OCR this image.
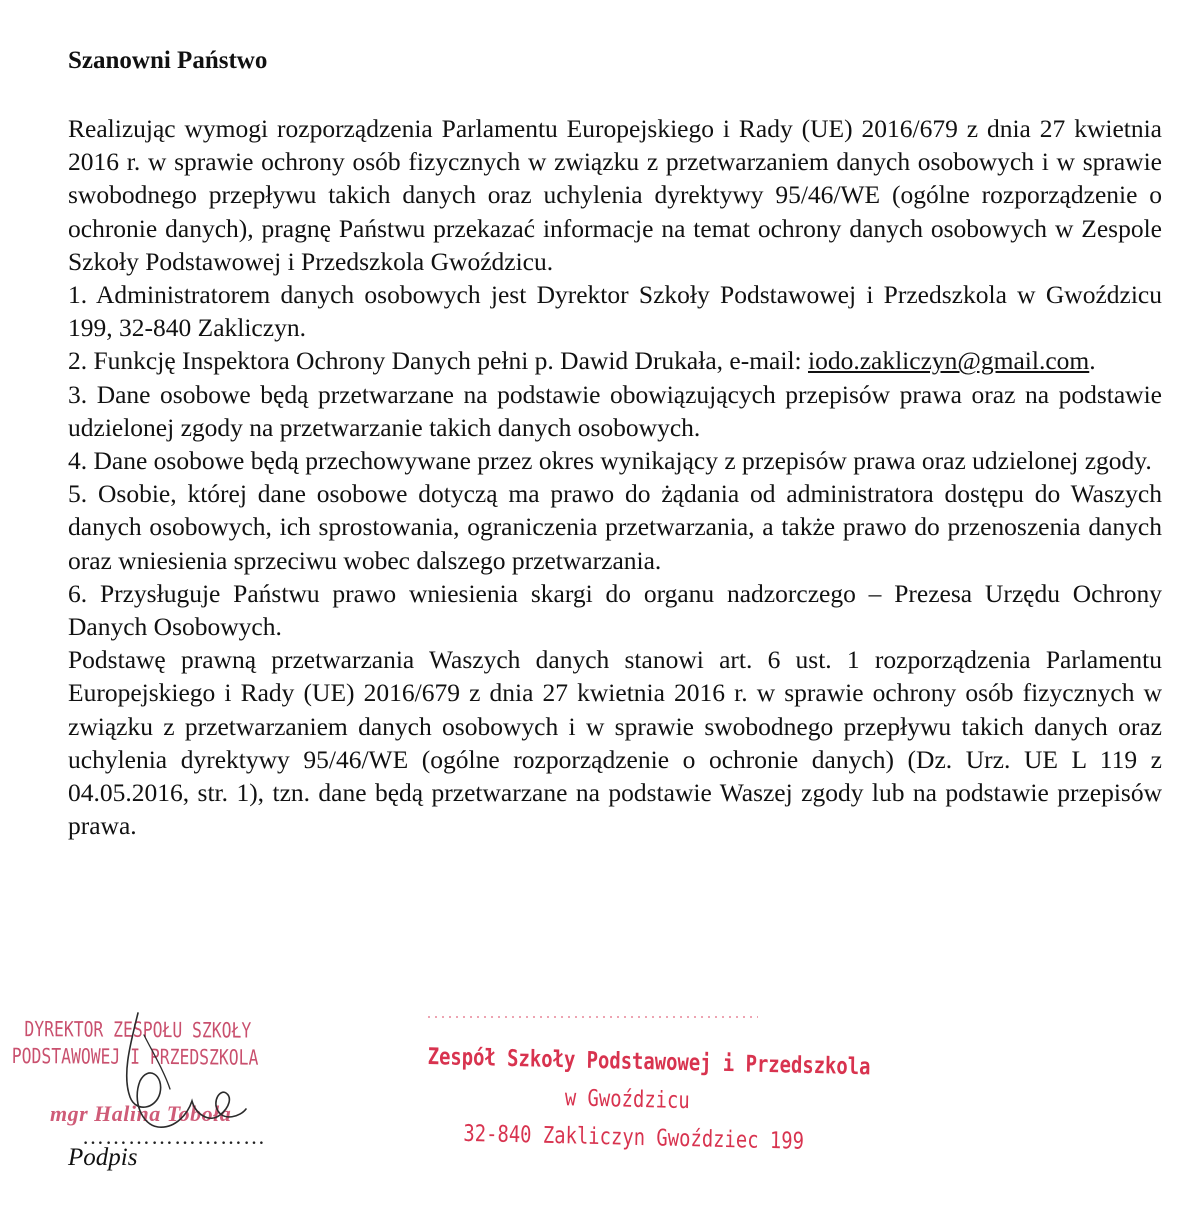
Szanowni Państwo

Realizując wymogi rozporządzenia Parlamentu Europejskiego i Rady (UE) 2016/679 z dnia 27 kwietnia 2016 r. w sprawie ochrony osób fizycznych w związku z przetwarzaniem danych osobowych i w sprawie swobodnego przepływu takich danych oraz uchylenia dyrektywy 95/46/WE (ogólne rozporządzenie o ochronie danych), pragnę Państwu przekazać informacje na temat ochrony danych osobowych w Zespole Szkoły Podstawowej i Przedszkola Gwoździcu.

1. Administratorem danych osobowych jest Dyrektor Szkoły Podstawowej i Przedszkola w Gwoździcu 199, 32-840 Zakliczyn.

2. Funkcję Inspektora Ochrony Danych pełni p. Dawid Drukała, e-mail: iodo.zakliczyn@gmail.com.

3. Dane osobowe będą przetwarzane na podstawie obowiązujących przepisów prawa oraz na podstawie udzielonej zgody na przetwarzanie takich danych osobowych.

4. Dane osobowe będą przechowywane przez okres wynikający z przepisów prawa oraz udzielonej zgody.

5. Osobie, której dane osobowe dotyczą ma prawo do żądania od administratora dostępu do Waszych danych osobowych, ich sprostowania, ograniczenia przetwarzania, a także prawo do przenoszenia danych oraz wniesienia sprzeciwu wobec dalszego przetwarzania.

6. Przysługuje Państwu prawo wniesienia skargi do organu nadzorczego – Prezesa Urzędu Ochrony Danych Osobowych.

Podstawę prawną przetwarzania Waszych danych stanowi art. 6 ust. 1 rozporządzenia Parlamentu Europejskiego i Rady (UE) 2016/679 z dnia 27 kwietnia 2016 r. w sprawie ochrony osób fizycznych w związku z przetwarzaniem danych osobowych i w sprawie swobodnego przepływu takich danych oraz uchylenia dyrektywy 95/46/WE (ogólne rozporządzenie o ochronie danych) (Dz. Urz. UE L 119 z 04.05.2016, str. 1), tzn. dane będą przetwarzane na podstawie Waszej zgody lub na podstawie przepisów prawa.

DYREKTOR ZESPOŁU SZKOŁY
PODSTAWOWEJ I PRZEDSZKOLA
mgr Halina Toboła
……………………
Podpis
Zespół Szkoły Podstawowej i Przedszkola
w Gwoździcu
32-840 Zakliczyn Gwoździec 199
